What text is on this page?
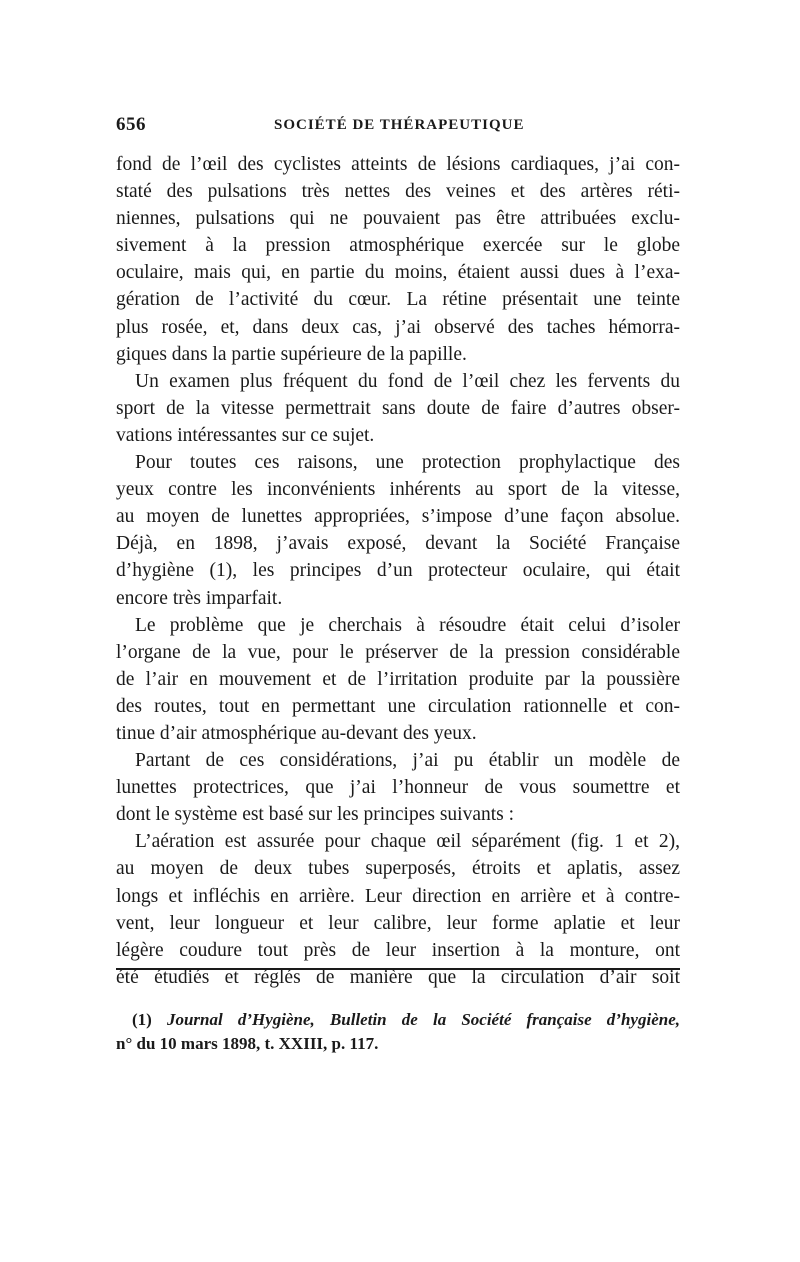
656	SOCIÉTÉ DE THÉRAPEUTIQUE
fond de l’œil des cyclistes atteints de lésions cardiaques, j’ai con-
staté des pulsations très nettes des veines et des artères réti-
niennes, pulsations qui ne pouvaient pas être attribuées exclu-
sivement à la pression atmosphérique exercée sur le globe
oculaire, mais qui, en partie du moins, étaient aussi dues à l’exa-
gération de l’activité du cœur. La rétine présentait une teinte
plus rosée, et, dans deux cas, j’ai observé des taches hémorra-
giques dans la partie supérieure de la papille.
Un examen plus fréquent du fond de l’œil chez les fervents du
sport de la vitesse permettrait sans doute de faire d’autres obser-
vations intéressantes sur ce sujet.
Pour toutes ces raisons, une protection prophylactique des
yeux contre les inconvénients inhérents au sport de la vitesse,
au moyen de lunettes appropriées, s’impose d’une façon absolue.
Déjà, en 1898, j’avais exposé, devant la Société Française
d’hygiène (1), les principes d’un protecteur oculaire, qui était
encore très imparfait.
Le problème que je cherchais à résoudre était celui d’isoler
l’organe de la vue, pour le préserver de la pression considérable
de l’air en mouvement et de l’irritation produite par la poussière
des routes, tout en permettant une circulation rationnelle et con-
tinue d’air atmosphérique au-devant des yeux.
Partant de ces considérations, j’ai pu établir un modèle de
lunettes protectrices, que j’ai l’honneur de vous soumettre et
dont le système est basé sur les principes suivants :
L’aération est assurée pour chaque œil séparément (fig. 1 et 2),
au moyen de deux tubes superposés, étroits et aplatis, assez
longs et infléchis en arrière. Leur direction en arrière et à contre-
vent, leur longueur et leur calibre, leur forme aplatie et leur
légère coudure tout près de leur insertion à la monture, ont
été étudiés et réglés de manière que la circulation d’air soit
(1) Journal d’Hygiène, Bulletin de la Société française d’hygiène,
n° du 10 mars 1898, t. XXIII, p. 117.
